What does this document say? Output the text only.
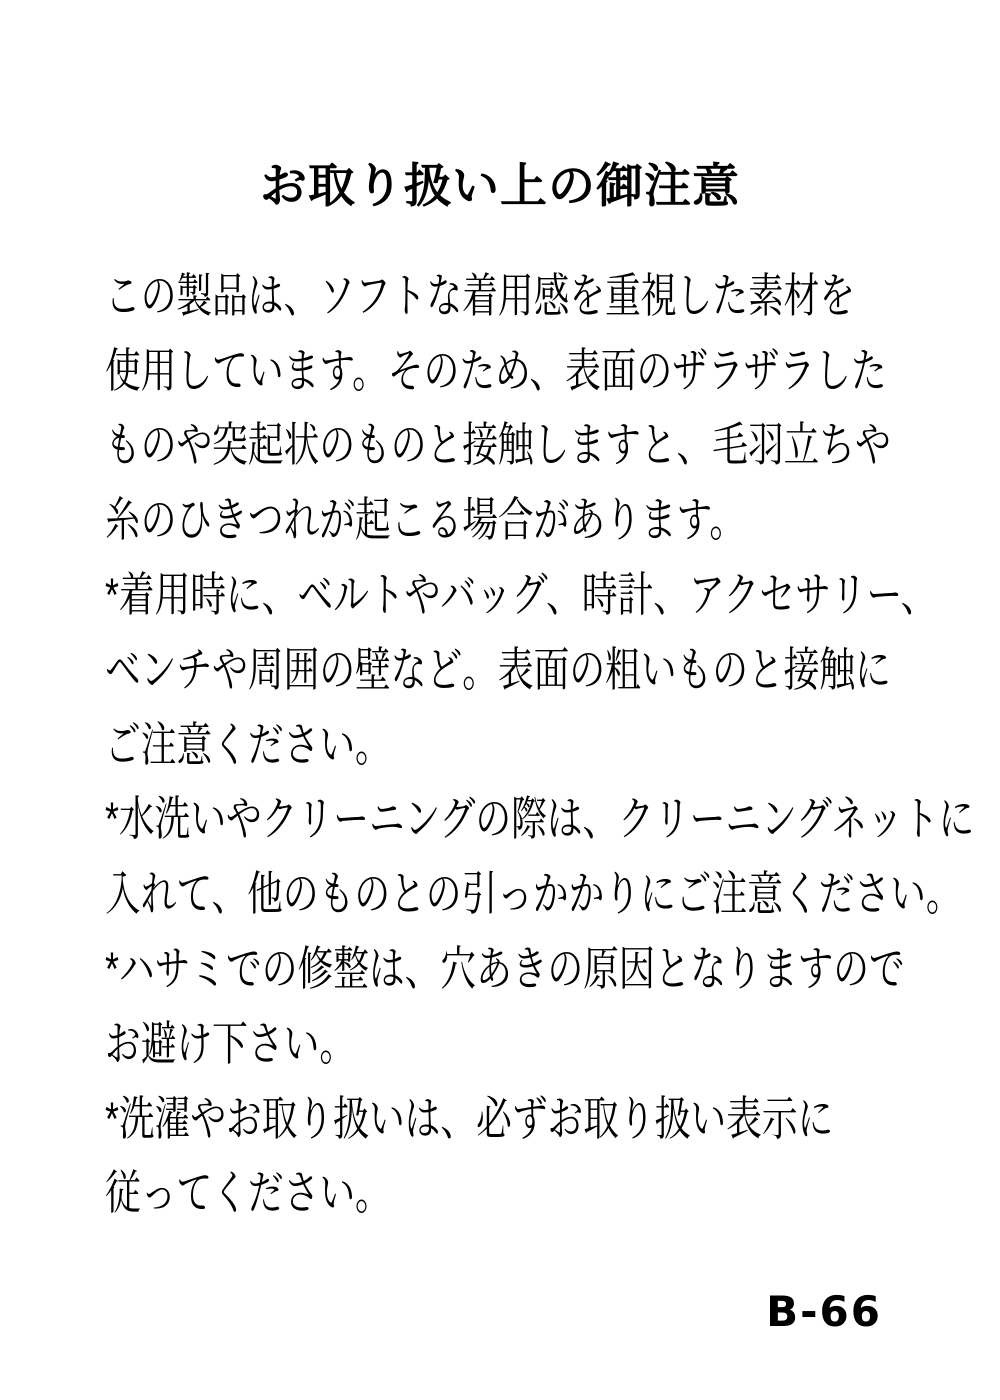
お取り扱い上の御注意
この製品は、ソフトな着用感を重視した素材を
使用しています。そのため、表面のザラザラした
ものや突起状のものと接触しますと、毛羽立ちや
糸のひきつれが起こる場合があります。
*着用時に、ベルトやバッグ、時計、アクセサリー、
ベンチや周囲の壁など。表面の粗いものと接触に
ご注意ください。
*水洗いやクリーニングの際は、クリーニングネットに
入れて、他のものとの引っかかりにご注意ください。
*ハサミでの修整は、穴あきの原因となりますので
お避け下さい。
*洗濯やお取り扱いは、必ずお取り扱い表示に
従ってください。
B-66
